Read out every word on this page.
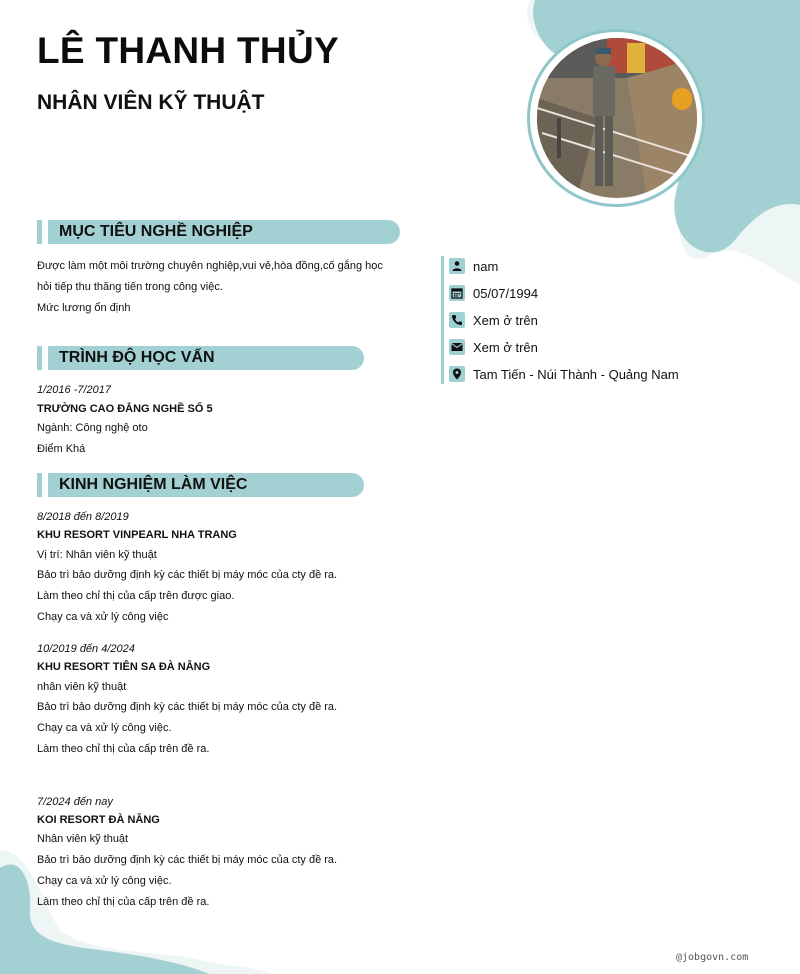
LÊ THANH THỦY
NHÂN VIÊN KỸ THUẬT
MỤC TIÊU NGHỀ NGHIỆP
Được làm một môi trường chuyên nghiệp,vui vẻ,hòa đồng,cố gắng học
hỏi tiếp thu thăng tiến trong công việc.
Mức lương ổn định
nam
05/07/1994
Xem ở trên
Xem ở trên
Tam Tiến - Núi Thành - Quảng Nam
TRÌNH ĐỘ HỌC VẤN
1/2016 -7/2017
TRƯỜNG CAO ĐẲNG NGHỀ SỐ 5
Ngành: Công nghệ oto
Điểm Khá
KINH NGHIỆM LÀM VIỆC
8/2018 đến 8/2019
KHU RESORT VINPEARL NHA TRANG
Vị trí: Nhân viên kỹ thuật
Bảo trì bảo dưỡng định kỳ các thiết bị máy móc của cty đề ra.
Làm theo chỉ thị của cấp trên được giao.
Chạy ca và xử lý công việc
10/2019 đến 4/2024
KHU RESORT TIÊN SA ĐÀ NẴNG
nhân viên kỹ thuật
Bảo trì bảo dưỡng định kỳ các thiết bị máy móc của cty đề ra.
Chạy ca và xử lý công việc.
Làm theo chỉ thị của cấp trên đề ra.
7/2024 đến nay
KOI RESORT ĐÀ NẴNG
Nhân viên kỹ thuật
Bảo trì bảo dưỡng định kỳ các thiết bị máy móc của cty đề ra.
Chạy ca và xử lý công việc.
Làm theo chỉ thị của cấp trên đề ra.
@jobgovn.com
